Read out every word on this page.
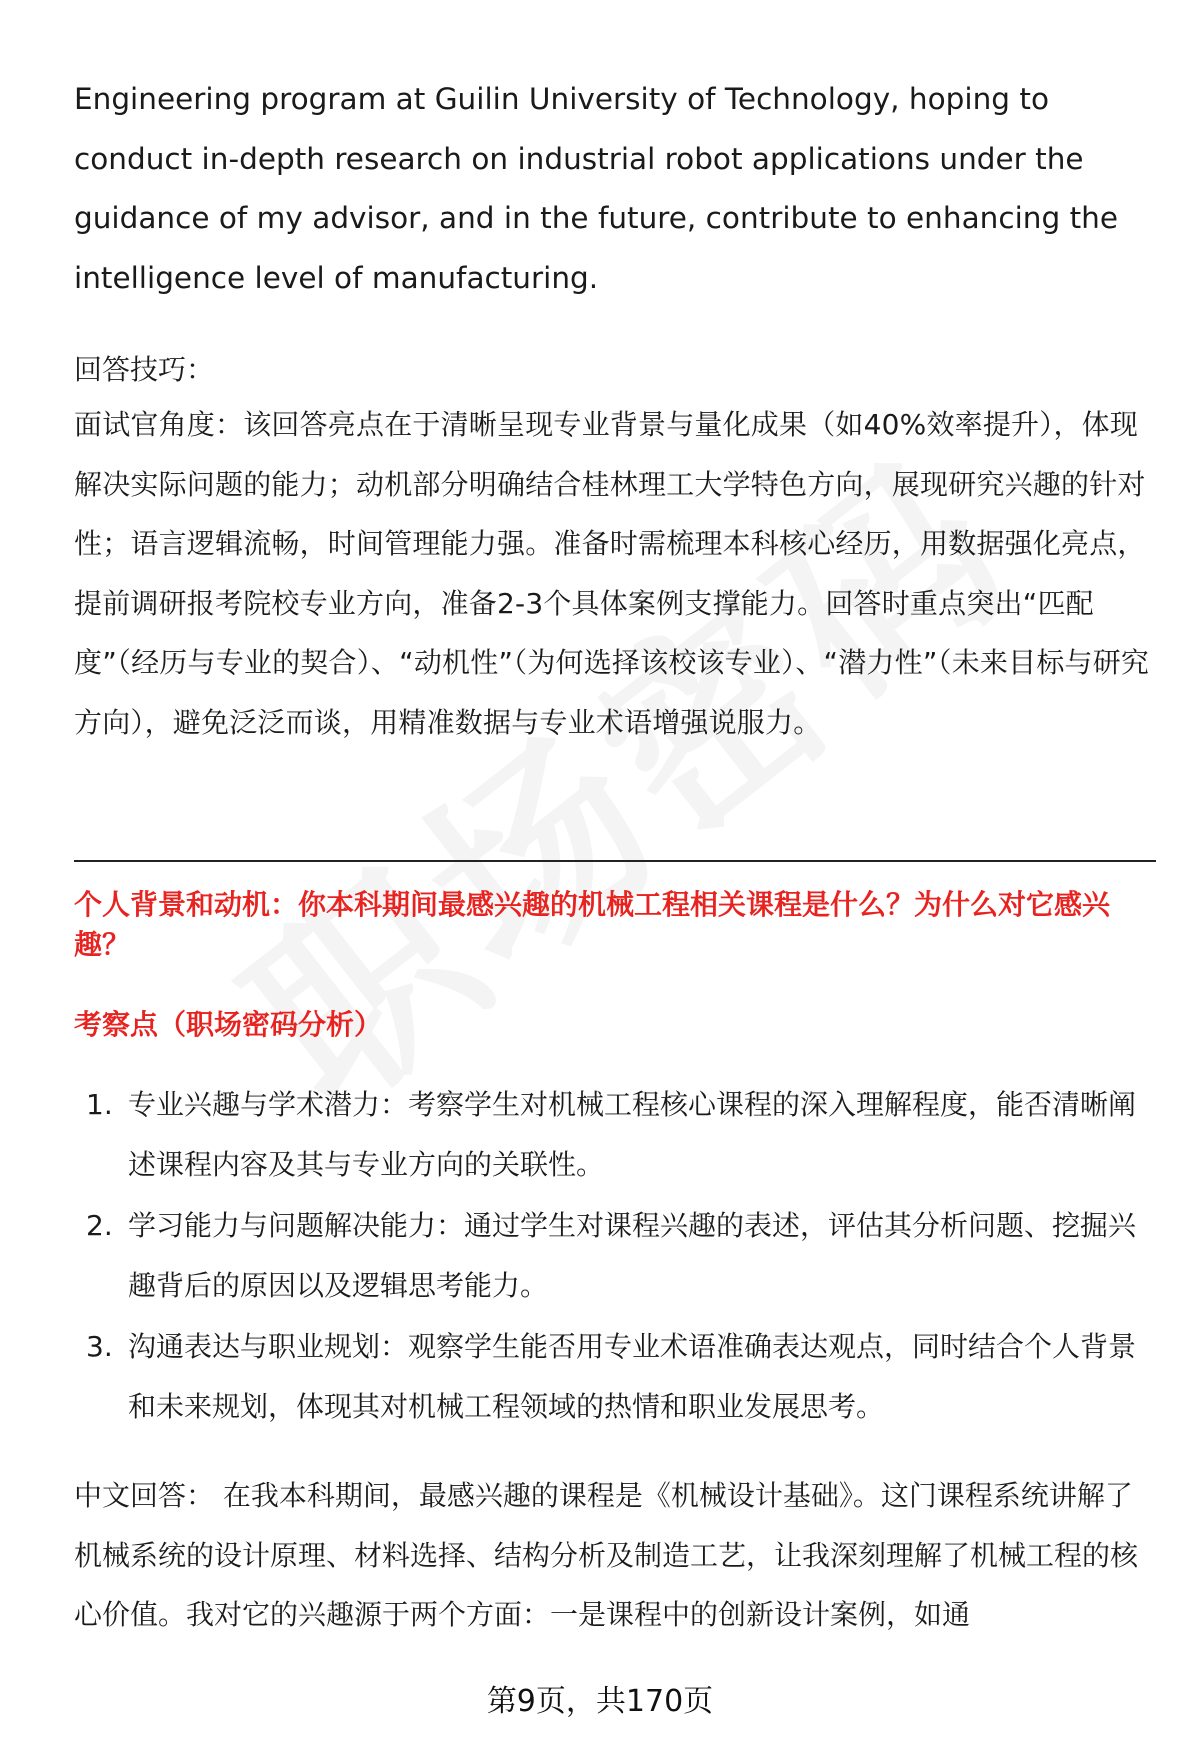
Engineering program at Guilin University of Technology, hoping to conduct in-depth research on industrial robot applications under the guidance of my advisor, and in the future, contribute to enhancing the intelligence level of manufacturing.
回答技巧：
面试官角度：该回答亮点在于清晰呈现专业背景与量化成果（如40%效率提升），体现解决实际问题的能力；动机部分明确结合桂林理工大学特色方向，展现研究兴趣的针对性；语言逻辑流畅，时间管理能力强。准备时需梳理本科核心经历，用数据强化亮点，提前调研报考院校专业方向，准备2-3个具体案例支撑能力。回答时重点突出“匹配度”（经历与专业的契合）、“动机性”（为何选择该校该专业）、“潜力性”（未来目标与研究方向），避免泛泛而谈，用精准数据与专业术语增强说服力。
个人背景和动机：你本科期间最感兴趣的机械工程相关课程是什么？为什么对它感兴趣？
考察点（职场密码分析）
1. 专业兴趣与学术潜力：考察学生对机械工程核心课程的深入理解程度，能否清晰阐述课程内容及其与专业方向的关联性。
2. 学习能力与问题解决能力：通过学生对课程兴趣的表述，评估其分析问题、挖掘兴趣背后的原因以及逻辑思考能力。
3. 沟通表达与职业规划：观察学生能否用专业术语准确表达观点，同时结合个人背景和未来规划，体现其对机械工程领域的热情和职业发展思考。
中文回答： 在我本科期间，最感兴趣的课程是《机械设计基础》。这门课程系统讲解了机械系统的设计原理、材料选择、结构分析及制造工艺，让我深刻理解了机械工程的核心价值。我对它的兴趣源于两个方面：一是课程中的创新设计案例，如通
第9页，共170页
